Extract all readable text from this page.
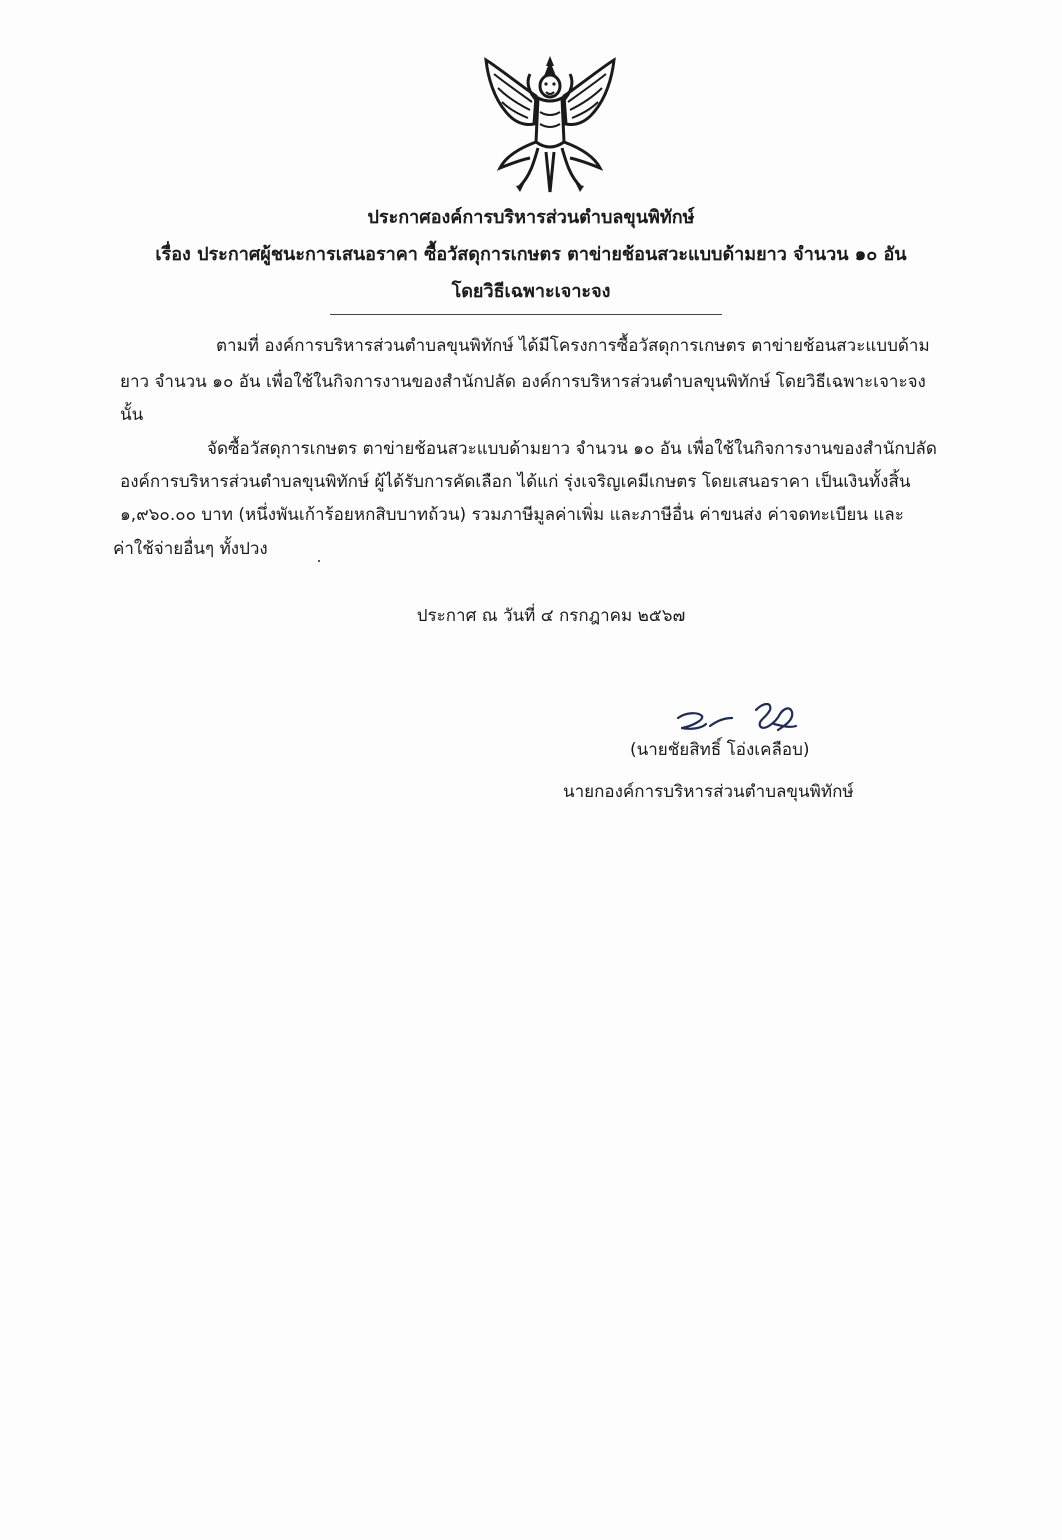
ประกาศองค์การบริหารส่วนตำบลขุนพิทักษ์
เรื่อง ประกาศผู้ชนะการเสนอราคา ซื้อวัสดุการเกษตร ตาข่ายช้อนสวะแบบด้ามยาว จำนวน ๑๐ อัน
โดยวิธีเฉพาะเจาะจง
ตามที่ องค์การบริหารส่วนตำบลขุนพิทักษ์ ได้มีโครงการซื้อวัสดุการเกษตร ตาข่ายช้อนสวะแบบด้าม
ยาว จำนวน ๑๐ อัน เพื่อใช้ในกิจการงานของสำนักปลัด องค์การบริหารส่วนตำบลขุนพิทักษ์ โดยวิธีเฉพาะเจาะจง
นั้น
จัดซื้อวัสดุการเกษตร ตาข่ายช้อนสวะแบบด้ามยาว จำนวน ๑๐ อัน เพื่อใช้ในกิจการงานของสำนักปลัด
องค์การบริหารส่วนตำบลขุนพิทักษ์ ผู้ได้รับการคัดเลือก ได้แก่ รุ่งเจริญเคมีเกษตร โดยเสนอราคา เป็นเงินทั้งสิ้น
๑,๙๖๐.๐๐ บาท (หนึ่งพันเก้าร้อยหกสิบบาทถ้วน) รวมภาษีมูลค่าเพิ่ม และภาษีอื่น ค่าขนส่ง ค่าจดทะเบียน และ
ค่าใช้จ่ายอื่นๆ ทั้งปวง
ประกาศ ณ วันที่ ๔ กรกฎาคม ๒๕๖๗
(นายชัยสิทธิ์ โอ่งเคลือบ)
นายกองค์การบริหารส่วนตำบลขุนพิทักษ์
